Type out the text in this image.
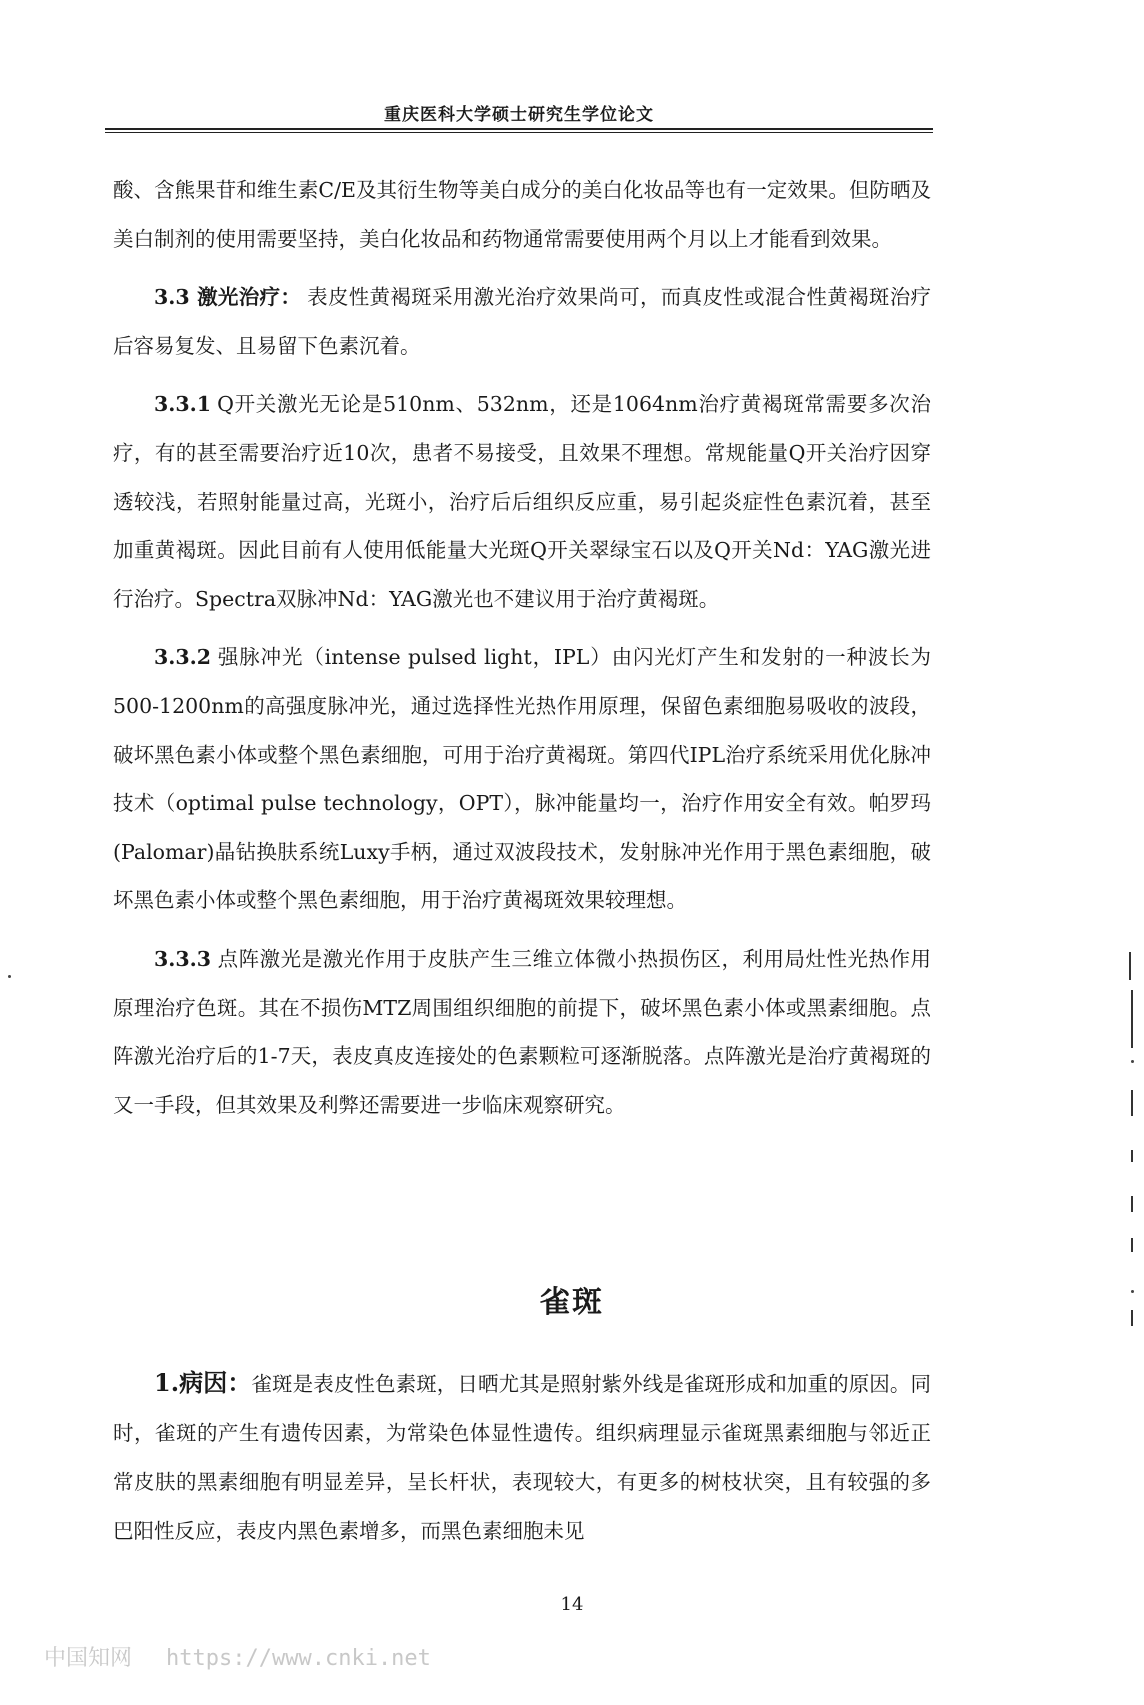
重庆医科大学硕士研究生学位论文

酸、含熊果苷和维生素C/E及其衍生物等美白成分的美白化妆品等也有一定效果。但防晒及美白制剂的使用需要坚持，美白化妆品和药物通常需要使用两个月以上才能看到效果。

3.3 激光治疗： 表皮性黄褐斑采用激光治疗效果尚可，而真皮性或混合性黄褐斑治疗后容易复发、且易留下色素沉着。

3.3.1 Q开关激光无论是510nm、532nm，还是1064nm治疗黄褐斑常需要多次治疗，有的甚至需要治疗近10次，患者不易接受，且效果不理想。常规能量Q开关治疗因穿透较浅，若照射能量过高，光斑小，治疗后后组织反应重，易引起炎症性色素沉着，甚至加重黄褐斑。因此目前有人使用低能量大光斑Q开关翠绿宝石以及Q开关Nd：YAG激光进行治疗。Spectra双脉冲Nd：YAG激光也不建议用于治疗黄褐斑。

3.3.2 强脉冲光（intense pulsed light，IPL）由闪光灯产生和发射的一种波长为500-1200nm的高强度脉冲光，通过选择性光热作用原理，保留色素细胞易吸收的波段，破坏黑色素小体或整个黑色素细胞，可用于治疗黄褐斑。第四代IPL治疗系统采用优化脉冲技术（optimal pulse technology，OPT），脉冲能量均一，治疗作用安全有效。帕罗玛(Palomar)晶钻换肤系统Luxy手柄，通过双波段技术，发射脉冲光作用于黑色素细胞，破坏黑色素小体或整个黑色素细胞，用于治疗黄褐斑效果较理想。

3.3.3 点阵激光是激光作用于皮肤产生三维立体微小热损伤区，利用局灶性光热作用原理治疗色斑。其在不损伤MTZ周围组织细胞的前提下，破坏黑色素小体或黑素细胞。点阵激光治疗后的1-7天，表皮真皮连接处的色素颗粒可逐渐脱落。点阵激光是治疗黄褐斑的又一手段，但其效果及利弊还需要进一步临床观察研究。

雀斑

1.病因：雀斑是表皮性色素斑，日晒尤其是照射紫外线是雀斑形成和加重的原因。同时，雀斑的产生有遗传因素，为常染色体显性遗传。组织病理显示雀斑黑素细胞与邻近正常皮肤的黑素细胞有明显差异，呈长杆状，表现较大，有更多的树枝状突，且有较强的多巴阳性反应，表皮内黑色素增多，而黑色素细胞未见

14
中国知网 https://www.cnki.net
